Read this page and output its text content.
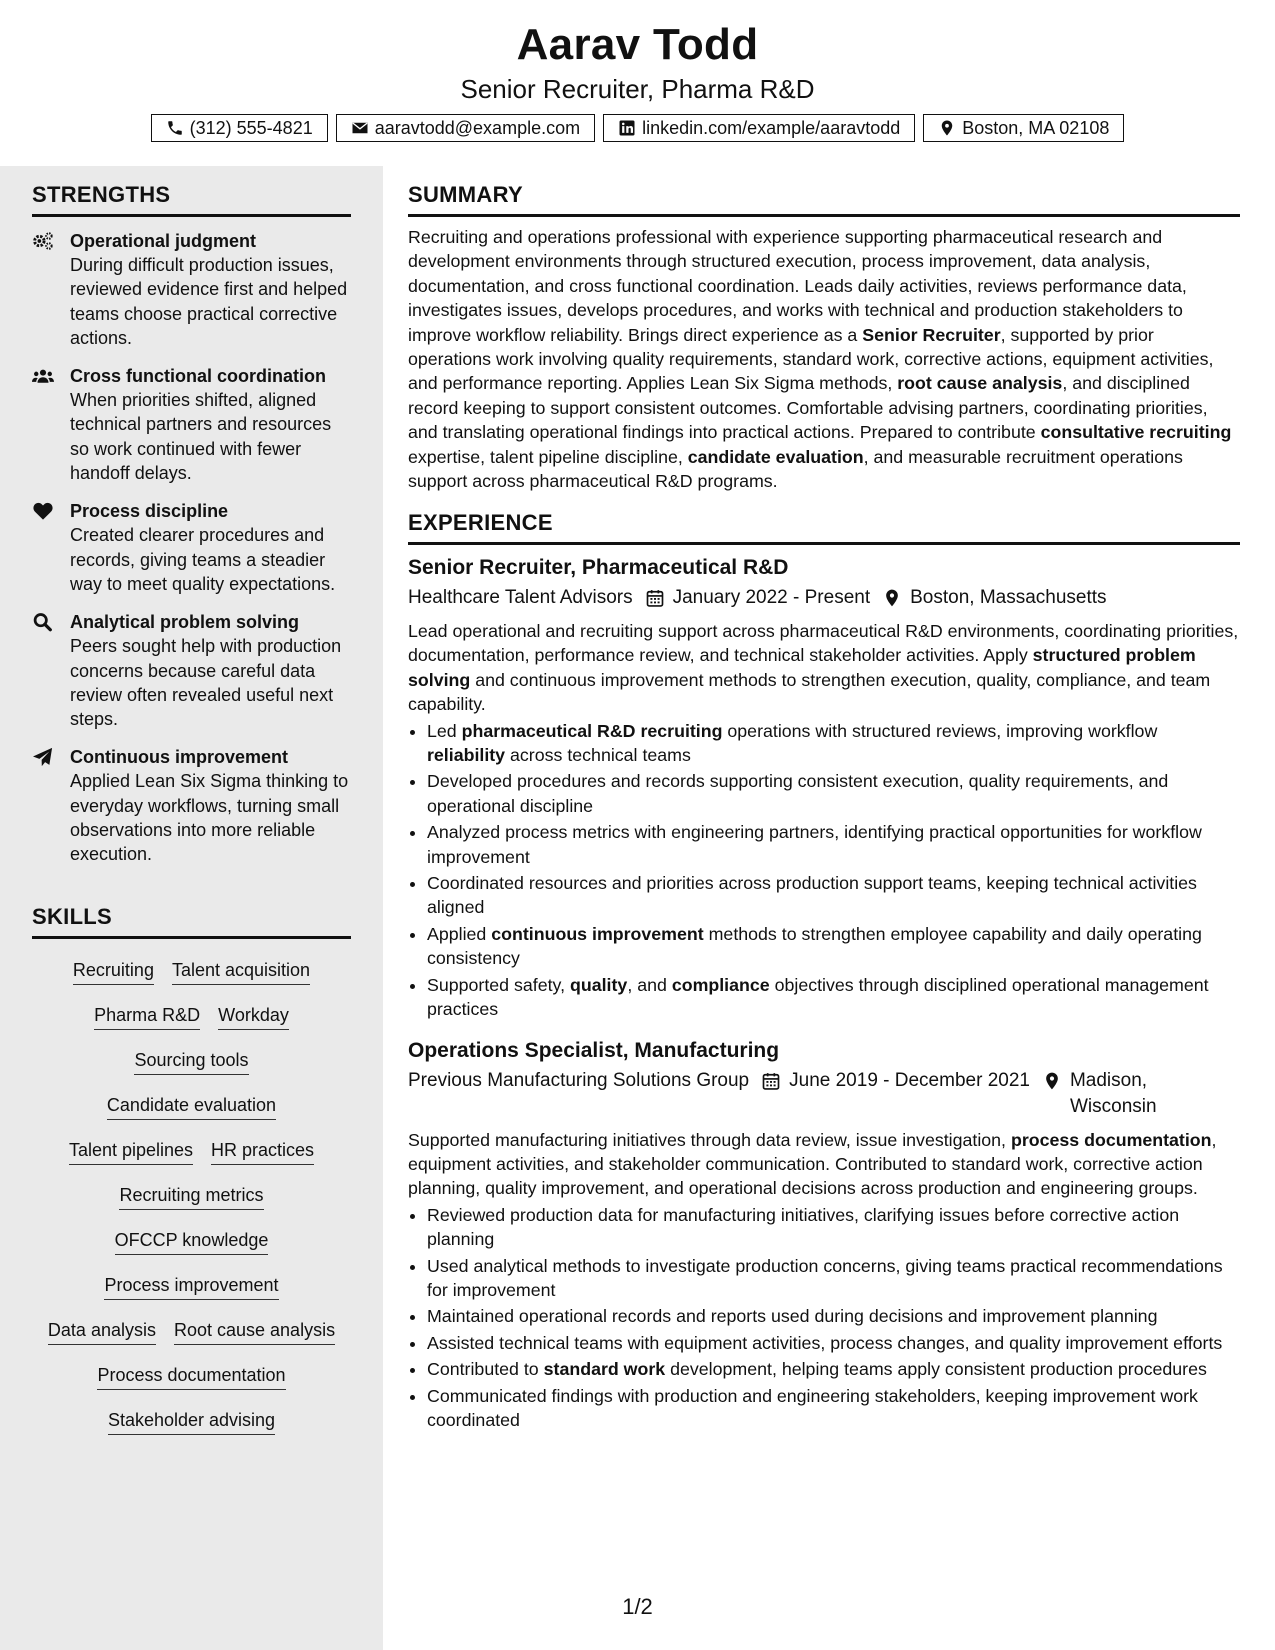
Aarav Todd
Senior Recruiter, Pharma R&D
(312) 555-4821	aaravtodd@example.com	linkedin.com/example/aaravtodd	Boston, MA 02108
STRENGTHS
Operational judgment
During difficult production issues, reviewed evidence first and helped teams choose practical corrective actions.
Cross functional coordination
When priorities shifted, aligned technical partners and resources so work continued with fewer handoff delays.
Process discipline
Created clearer procedures and records, giving teams a steadier way to meet quality expectations.
Analytical problem solving
Peers sought help with production concerns because careful data review often revealed useful next steps.
Continuous improvement
Applied Lean Six Sigma thinking to everyday workflows, turning small observations into more reliable execution.
SKILLS
Recruiting Talent acquisition
Pharma R&D Workday
Sourcing tools
Candidate evaluation
Talent pipelines HR practices
Recruiting metrics
OFCCP knowledge
Process improvement
Data analysis Root cause analysis
Process documentation
Stakeholder advising
SUMMARY

Recruiting and operations professional with experience supporting pharmaceutical research and development environments through structured execution, process improvement, data analysis, documentation, and cross functional coordination. Leads daily activities, reviews performance data, investigates issues, develops procedures, and works with technical and production stakeholders to improve workflow reliability. Brings direct experience as a Senior Recruiter, supported by prior operations work involving quality requirements, standard work, corrective actions, equipment activities, and performance reporting. Applies Lean Six Sigma methods, root cause analysis, and disciplined record keeping to support consistent outcomes. Comfortable advising partners, coordinating priorities, and translating operational findings into practical actions. Prepared to contribute consultative recruiting expertise, talent pipeline discipline, candidate evaluation, and measurable recruitment operations support across pharmaceutical R&D programs.

EXPERIENCE
Senior Recruiter, Pharmaceutical R&D
Healthcare Talent Advisors January 2022 - Present Boston, Massachusetts

Lead operational and recruiting support across pharmaceutical R&D environments, coordinating priorities, documentation, performance review, and technical stakeholder activities. Apply structured problem solving and continuous improvement methods to strengthen execution, quality, compliance, and team capability.

• Led pharmaceutical R&D recruiting operations with structured reviews, improving workflow reliability across technical teams
• Developed procedures and records supporting consistent execution, quality requirements, and operational discipline
• Analyzed process metrics with engineering partners, identifying practical opportunities for workflow improvement
• Coordinated resources and priorities across production support teams, keeping technical activities aligned
• Applied continuous improvement methods to strengthen employee capability and daily operating consistency
• Supported safety, quality, and compliance objectives through disciplined operational management practices
Operations Specialist, Manufacturing
Previous Manufacturing Solutions Group June 2019 - December 2021 Madison, Wisconsin

Supported manufacturing initiatives through data review, issue investigation, process documentation, equipment activities, and stakeholder communication. Contributed to standard work, corrective action planning, quality improvement, and operational decisions across production and engineering groups.

• Reviewed production data for manufacturing initiatives, clarifying issues before corrective action planning
• Used analytical methods to investigate production concerns, giving teams practical recommendations for improvement
• Maintained operational records and reports used during decisions and improvement planning
• Assisted technical teams with equipment activities, process changes, and quality improvement efforts
• Contributed to standard work development, helping teams apply consistent production procedures
• Communicated findings with production and engineering stakeholders, keeping improvement work coordinated
1/2
